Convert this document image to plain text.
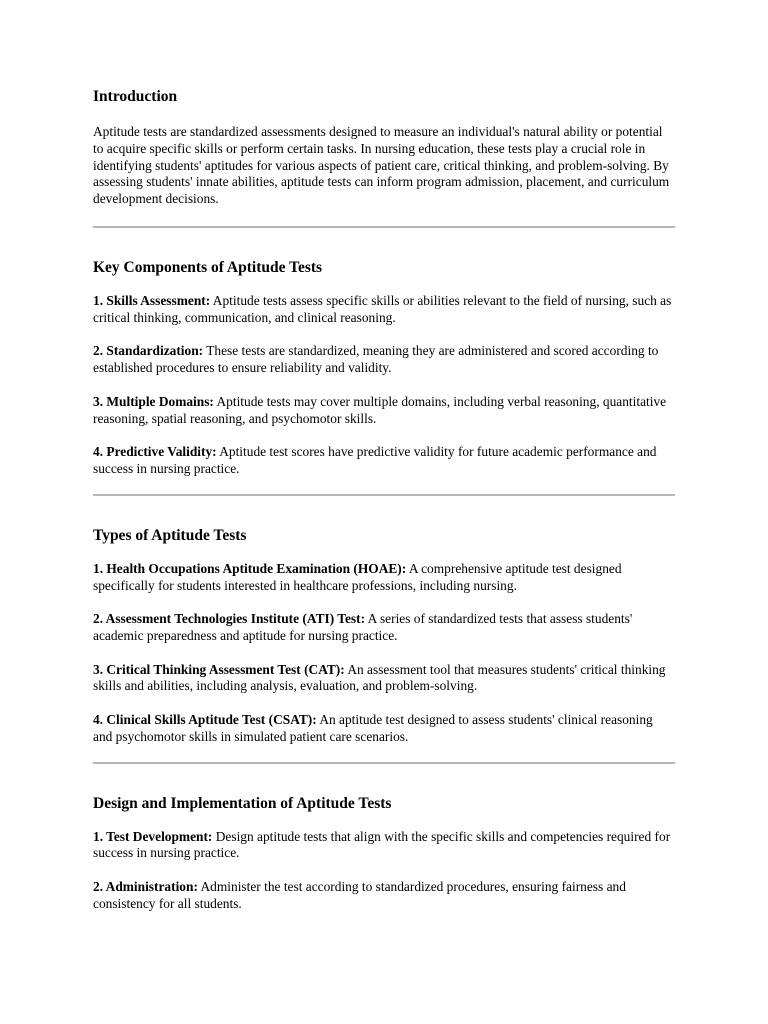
Introduction

Aptitude tests are standardized assessments designed to measure an individual's natural ability or potential to acquire specific skills or perform certain tasks. In nursing education, these tests play a crucial role in identifying students' aptitudes for various aspects of patient care, critical thinking, and problem-solving. By assessing students' innate abilities, aptitude tests can inform program admission, placement, and curriculum development decisions.

Key Components of Aptitude Tests

1. Skills Assessment: Aptitude tests assess specific skills or abilities relevant to the field of nursing, such as critical thinking, communication, and clinical reasoning.

2. Standardization: These tests are standardized, meaning they are administered and scored according to established procedures to ensure reliability and validity.

3. Multiple Domains: Aptitude tests may cover multiple domains, including verbal reasoning, quantitative reasoning, spatial reasoning, and psychomotor skills.

4. Predictive Validity: Aptitude test scores have predictive validity for future academic performance and success in nursing practice.

Types of Aptitude Tests

1. Health Occupations Aptitude Examination (HOAE): A comprehensive aptitude test designed specifically for students interested in healthcare professions, including nursing.

2. Assessment Technologies Institute (ATI) Test: A series of standardized tests that assess students' academic preparedness and aptitude for nursing practice.

3. Critical Thinking Assessment Test (CAT): An assessment tool that measures students' critical thinking skills and abilities, including analysis, evaluation, and problem-solving.

4. Clinical Skills Aptitude Test (CSAT): An aptitude test designed to assess students' clinical reasoning and psychomotor skills in simulated patient care scenarios.

Design and Implementation of Aptitude Tests

1. Test Development: Design aptitude tests that align with the specific skills and competencies required for success in nursing practice.

2. Administration: Administer the test according to standardized procedures, ensuring fairness and consistency for all students.
